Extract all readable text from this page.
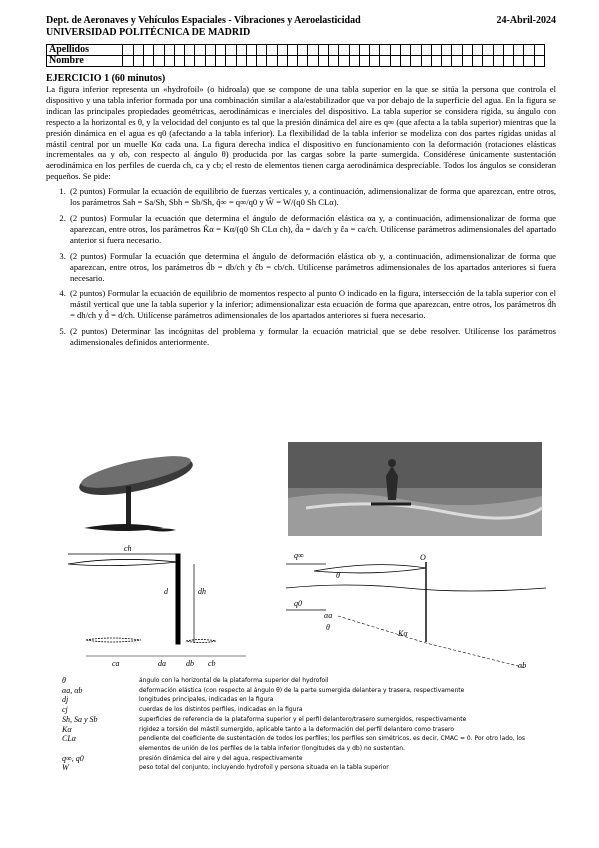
Dept. de Aeronaves y Vehículos Espaciales - Vibraciones y Aeroelasticidad
UNIVERSIDAD POLITÉCNICA DE MADRID
24-Abril-2024
Apellidos																																									
Nombre																																									
EJERCICIO 1 (60 minutos)

La figura inferior representa un «hydrofoil» (o hidroala) que se compone de una tabla superior en la que se sitúa la persona que controla el dispositivo y una tabla inferior formada por una combinación similar a ala/estabilizador que va por debajo de la superficie del agua. En la figura se indican las principales propiedades geométricas, aerodinámicas e inerciales del dispositivo. La tabla superior se considera rígida, su ángulo con respecto a la horizontal es θ, y la velocidad del conjunto es tal que la presión dinámica del aire es q∞ (que afecta a la tabla superior) mientras que la presión dinámica en el agua es q0 (afectando a la tabla inferior). La flexibilidad de la tabla inferior se modeliza con dos partes rígidas unidas al mástil central por un muelle Kα cada una. La figura derecha indica el dispositivo en funcionamiento con la deformación (rotaciones elásticas incrementales αa y αb, con respecto al ángulo θ) producida por las cargas sobre la parte sumergida. Considérese únicamente sustentación aerodinámica en los perfiles de cuerda ch, ca y cb; el resto de elementos tienen carga aerodinámica despreciable. Todos los ángulos se consideran pequeños. Se pide:

1. (2 puntos) Formular la ecuación de equilibrio de fuerzas verticales y, a continuación, adimensionalizar de forma que aparezcan, entre otros, los parámetros Sah = Sa/Sh, Sbh = Sb/Sh, q̂∞ = q∞/q0 y Ŵ = W/(q0 Sh CLα).
2. (2 puntos) Formular la ecuación que determina el ángulo de deformación elástica αa y, a continuación, adimensionalizar de forma que aparezcan, entre otros, los parámetros K̂α = Kα/(q0 Sh CLα ch), d̂a = da/ch y ĉa = ca/ch. Utilícense parámetros adimensionales del apartado anterior si fuera necesario.
3. (2 puntos) Formular la ecuación que determina el ángulo de deformación elástica αb y, a continuación, adimensionalizar de forma que aparezcan, entre otros, los parámetros d̂b = db/ch y ĉb = cb/ch. Utilícense parámetros adimensionales de los apartados anteriores si fuera necesario.
4. (2 puntos) Formular la ecuación de equilibrio de momentos respecto al punto O indicado en la figura, intersección de la tabla superior con el mástil vertical que une la tabla superior y la inferior; adimensionalizar esta ecuación de forma que aparezcan, entre otros, los parámetros d̂h = dh/ch y d̂ = d/ch. Utilícense parámetros adimensionales de los apartados anteriores si fuera necesario.
5. (2 puntos) Determinar las incógnitas del problema y formular la ecuación matricial que se debe resolver. Utilícense los parámetros adimensionales definidos anteriormente.
ch
d	dh
ca	da	db cb
q∞
θ
O
q0
θ
Kα
αa
αb
θ	ángulo con la horizontal de la plataforma superior del hydrofoil
αa, αb	deformación elástica (con respecto al ángulo θ) de la parte sumergida delantera y trasera, respectivamente
dj	longitudes principales, indicadas en la figura
cj	cuerdas de los distintos perfiles, indicadas en la figura
Sh, Sa y Sb	superficies de referencia de la plataforma superior y el perfil delantero/trasero sumergidos, respectivamente
Kα	rigidez a torsión del mástil sumergido, aplicable tanto a la deformación del perfil delantero como trasero
CLα	pendiente del coeficiente de sustentación de todos los perfiles; los perfiles son simétricos, es decir, CMAC = 0. Por otro lado, los elementos de unión de los perfiles de la tabla inferior (longitudes da y db) no sustentan.
q∞, q0	presión dinámica del aire y del agua, respectivamente
W	peso total del conjunto, incluyendo hydrofoil y persona situada en la tabla superior
